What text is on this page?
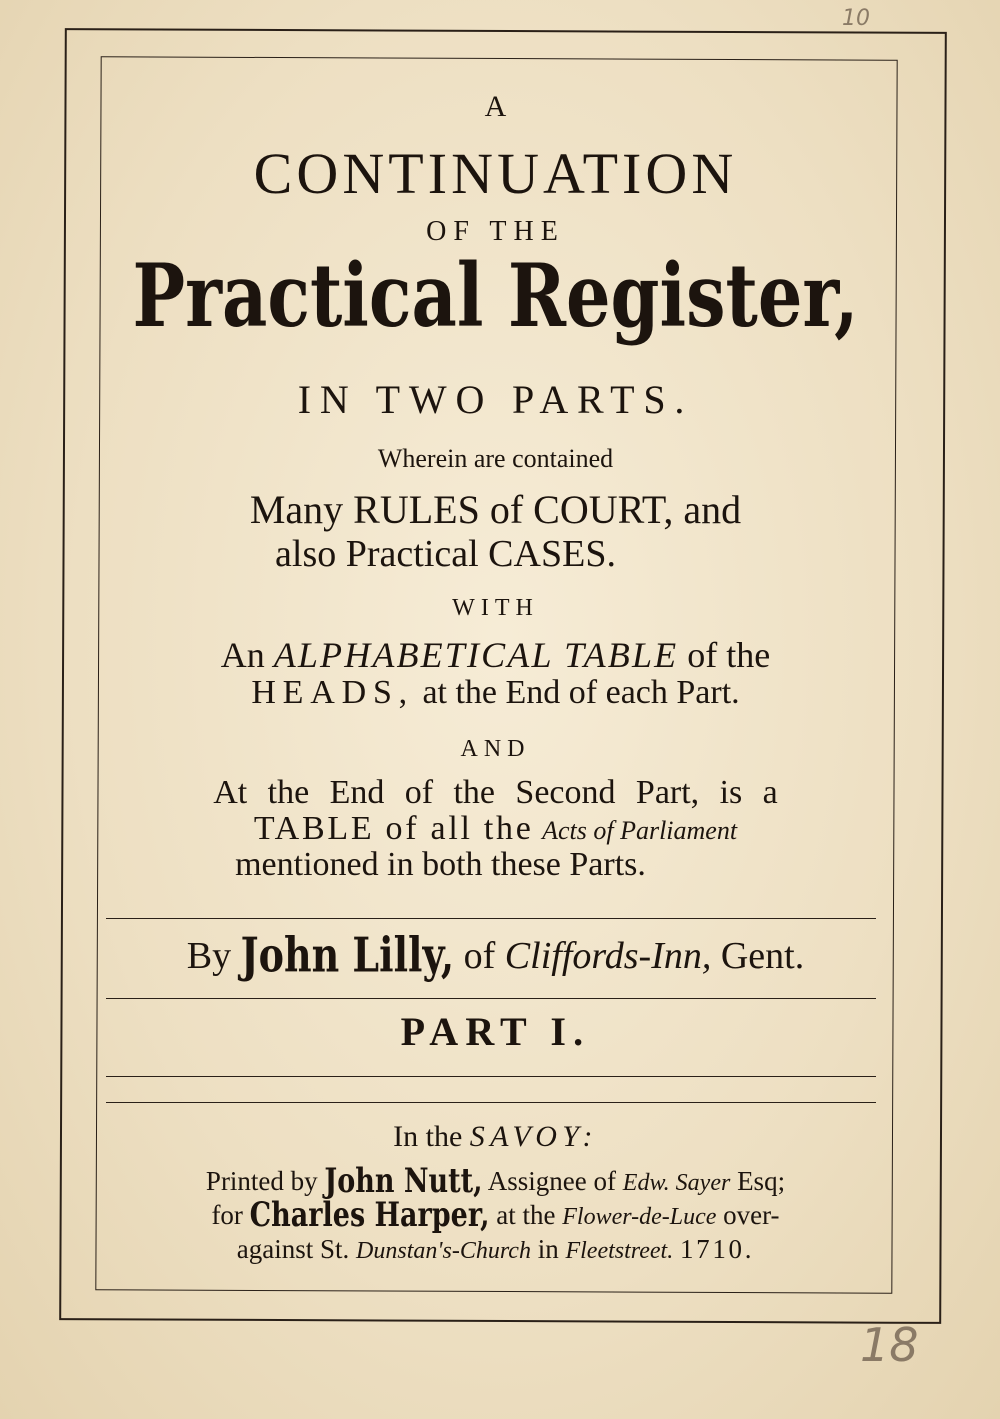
10
18
A
CONTINUATION
OF THE
Practical Register,
IN TWO PARTS.
Wherein are contained
Many RULES of COURT, and
also Practical CASES.
WITH
An ALPHABETICAL TABLE of the
HEADS, at the End of each Part.
AND
At the End of the Second Part, is a
TABLE of all the Acts of Parliament
mentioned in both these Parts.
By John Lilly, of Cliffords-Inn, Gent.
PART I.
In the SAVOY:
Printed by John Nutt, Assignee of Edw. Sayer Esq;
for Charles Harper, at the Flower-de-Luce over-
against St. Dunstan's-Church in Fleetstreet. 1710.
